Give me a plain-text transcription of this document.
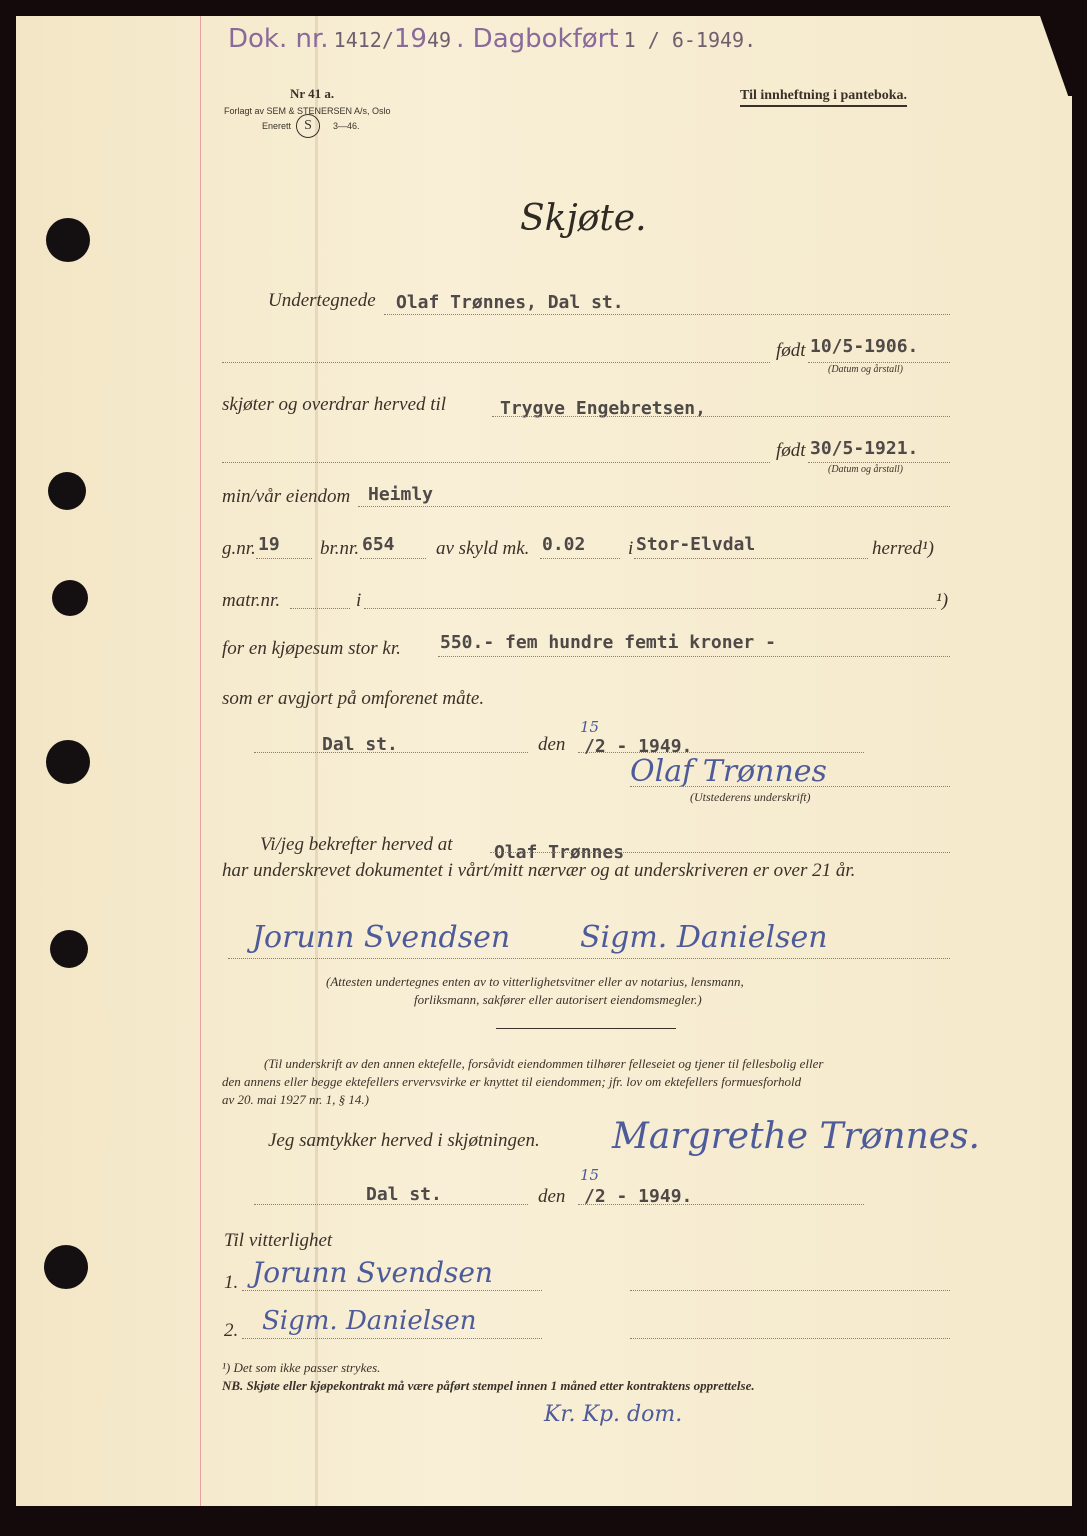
Dok. nr. 1412/1949 . Dagbokført 1 / 6-1949.
Nr 41 a.
Forlagt av SEM & STENERSEN A/s, Oslo
Enerett S	3—46.
Til innheftning i panteboka.
Skjøte.
Undertegnede Olaf Trønnes, Dal st.
født 10/5-1906.
(Datum og årstall)
skjøter og overdrar herved til	Trygve Engebretsen,
født 30/5-1921.
(Datum og årstall)
min/vår eiendom Heimly
g.nr. 19 br.nr. 654 av skyld mk. 0.02 i Stor-Elvdal	herred¹)
matr.nr.	i	¹)
for en kjøpesum stor kr. 550.- fem hundre femti kroner -
som er avgjort på omforenet måte.
Dal st.	den
15
/2 - 1949.
Olaf Trønnes
(Utstederens underskrift)
Vi/jeg bekrefter herved at Olaf Trønnes
har underskrevet dokumentet i vårt/mitt nærvær og at underskriveren er over 21 år.
Jorunn Svendsen Sigm. Danielsen
(Attesten undertegnes enten av to vitterlighetsvitner eller av notarius, lensmann,
forliksmann, sakfører eller autorisert eiendomsmegler.)
(Til underskrift av den annen ektefelle, forsåvidt eiendommen tilhører felleseiet og tjener til fellesbolig eller
den annens eller begge ektefellers ervervsvirke er knyttet til eiendommen; jfr. lov om ektefellers formuesforhold
av 20. mai 1927 nr. 1, § 14.)
Jeg samtykker herved i skjøtningen. Margrethe Trønnes.
Dal st.	den
15
/2 - 1949.
Til vitterlighet
1. Jorunn Svendsen
2. Sigm. Danielsen
¹) Det som ikke passer strykes.
NB. Skjøte eller kjøpekontrakt må være påført stempel innen 1 måned etter kontraktens opprettelse.
Kr. Kp. dom.
